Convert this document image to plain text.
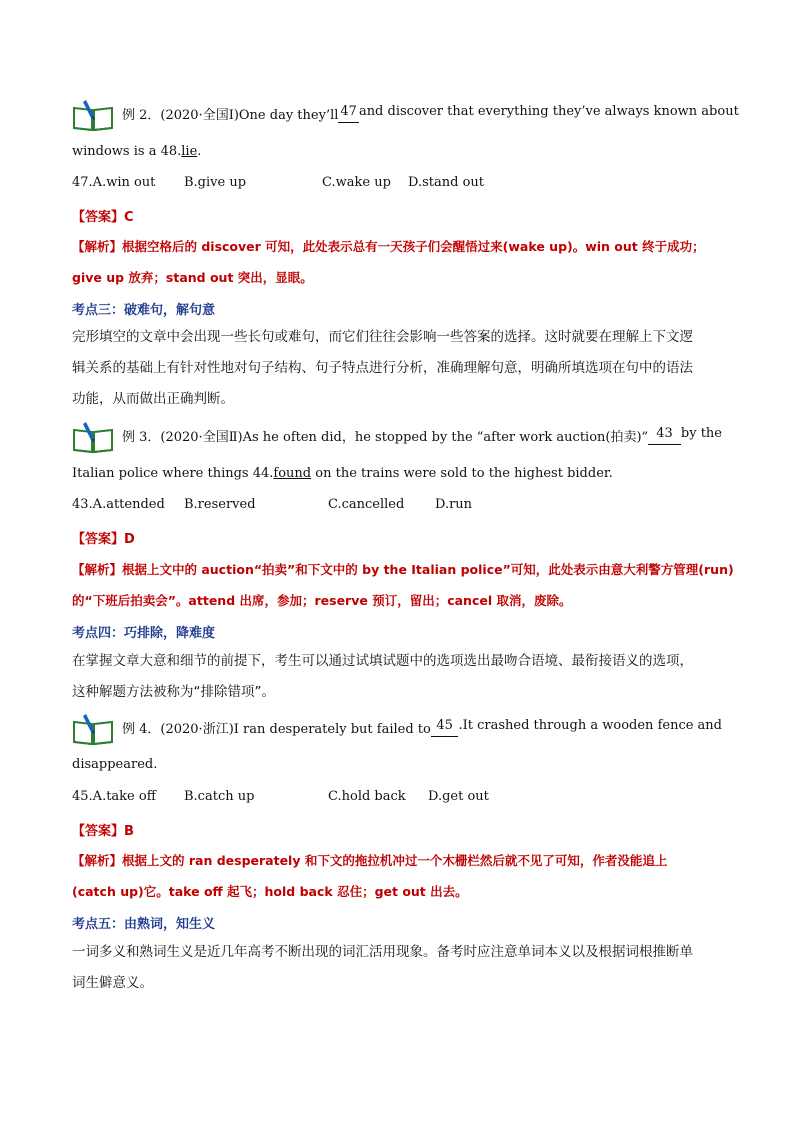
例 2．(2020·全国Ⅰ)One day they’ll 47 and discover that everything they’ve always known about
windows is a 48.lie.
47.A.win out B.give up	C.wake up D.stand out
【答案】C
【解析】根据空格后的 discover 可知，此处表示总有一天孩子们会醒悟过来(wake up)。win out 终于成功；
give up 放弃；stand out 突出，显眼。
考点三：破难句，解句意
完形填空的文章中会出现一些长句或难句，而它们往往会影响一些答案的选择。这时就要在理解上下文逻
辑关系的基础上有针对性地对句子结构、句子特点进行分析，准确理解句意，明确所填选项在句中的语法
功能，从而做出正确判断。
例 3．(2020·全国Ⅱ)As he often did，he stopped by the “after work auction(拍卖)” 43 by the
Italian police where things 44.found on the trains were sold to the highest bidder.
43.A.attended B.reserved	C.cancelled D.run
【答案】D
【解析】根据上文中的 auction“拍卖”和下文中的 by the Italian police”可知，此处表示由意大利警方管理(run)
的“下班后拍卖会”。attend 出席，参加；reserve 预订，留出；cancel 取消，废除。
考点四：巧排除，降难度
在掌握文章大意和细节的前提下，考生可以通过试填试题中的选项选出最吻合语境、最衔接语义的选项，
这种解题方法被称为“排除错项”。
例 4．(2020·浙江)I ran desperately but failed to 45 .It crashed through a wooden fence and
disappeared.
45.A.take off B.catch up	C.hold back D.get out
【答案】B
【解析】根据上文的 ran desperately 和下文的拖拉机冲过一个木栅栏然后就不见了可知，作者没能追上
(catch up)它。take off 起飞；hold back 忍住；get out 出去。
考点五：由熟词，知生义
一词多义和熟词生义是近几年高考不断出现的词汇活用现象。备考时应注意单词本义以及根据词根推断单
词生僻意义。
